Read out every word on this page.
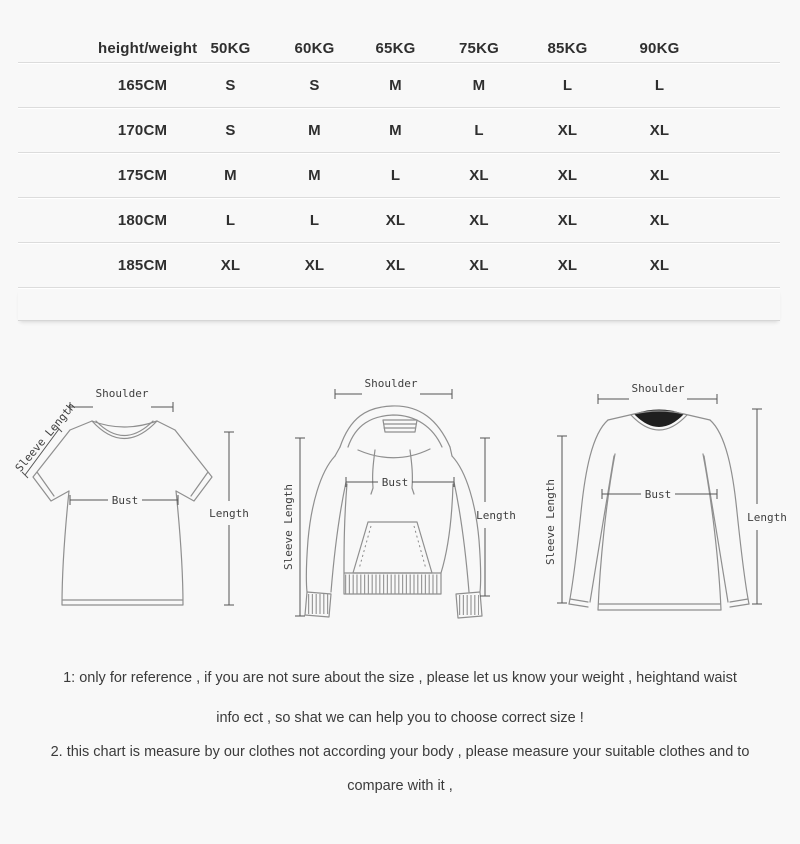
height/weight 50KG	60KG	65KG	75KG	85KG	90KG
165CM	S	S	M	M	L	L
170CM	S	M	M	L	XL	XL
175CM	M	M	L	XL	XL	XL
180CM	L	L	XL	XL	XL	XL
185CM	XL	XL	XL	XL	XL	XL
Shoulder
Sleeve Length
Bust
Length
Shoulder
Sleeve Length
Bust
Length
Shoulder
Sleeve Length	Bust
Length

1: only for reference , if you are not sure about the size , please let us know your weight , heightand waist

info ect , so shat we can help you to choose correct size !

2. this chart is measure by our clothes not according your body , please measure your suitable clothes and to

compare with it ,
